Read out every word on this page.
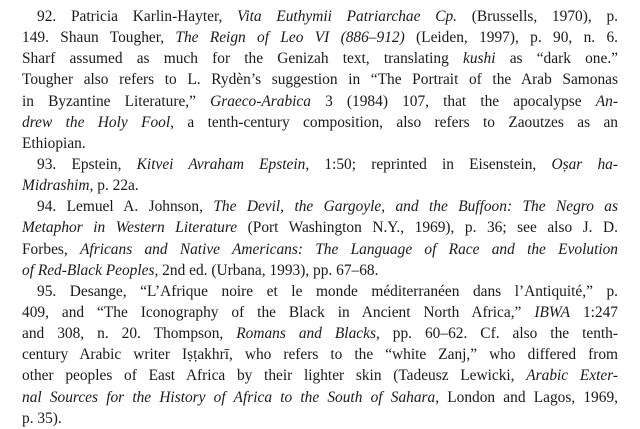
92. Patricia Karlin-Hayter, Vita Euthymii Patriarchae Cp. (Brussells, 1970), p.
149. Shaun Tougher, The Reign of Leo VI (886–912) (Leiden, 1997), p. 90, n. 6.
Sharf assumed as much for the Genizah text, translating kushi as “dark one.”
Tougher also refers to L. Rydèn’s suggestion in “The Portrait of the Arab Samonas
in Byzantine Literature,” Graeco-Arabica 3 (1984) 107, that the apocalypse An-
drew the Holy Fool, a tenth-century composition, also refers to Zaoutzes as an
Ethiopian.
93. Epstein, Kitvei Avraham Epstein, 1:50; reprinted in Eisenstein, Oṣar ha-
Midrashim, p. 22a.
94. Lemuel A. Johnson, The Devil, the Gargoyle, and the Buffoon: The Negro as
Metaphor in Western Literature (Port Washington N.Y., 1969), p. 36; see also J. D.
Forbes, Africans and Native Americans: The Language of Race and the Evolution
of Red-Black Peoples, 2nd ed. (Urbana, 1993), pp. 67–68.
95. Desange, “L’Afrique noire et le monde méditerranéen dans l’Antiquité,” p.
409, and “The Iconography of the Black in Ancient North Africa,” IBWA 1:247
and 308, n. 20. Thompson, Romans and Blacks, pp. 60–62. Cf. also the tenth-
century Arabic writer Iṣṭakhrī, who refers to the “white Zanj,” who differed from
other peoples of East Africa by their lighter skin (Tadeusz Lewicki, Arabic Exter-
nal Sources for the History of Africa to the South of Sahara, London and Lagos, 1969,
p. 35).
